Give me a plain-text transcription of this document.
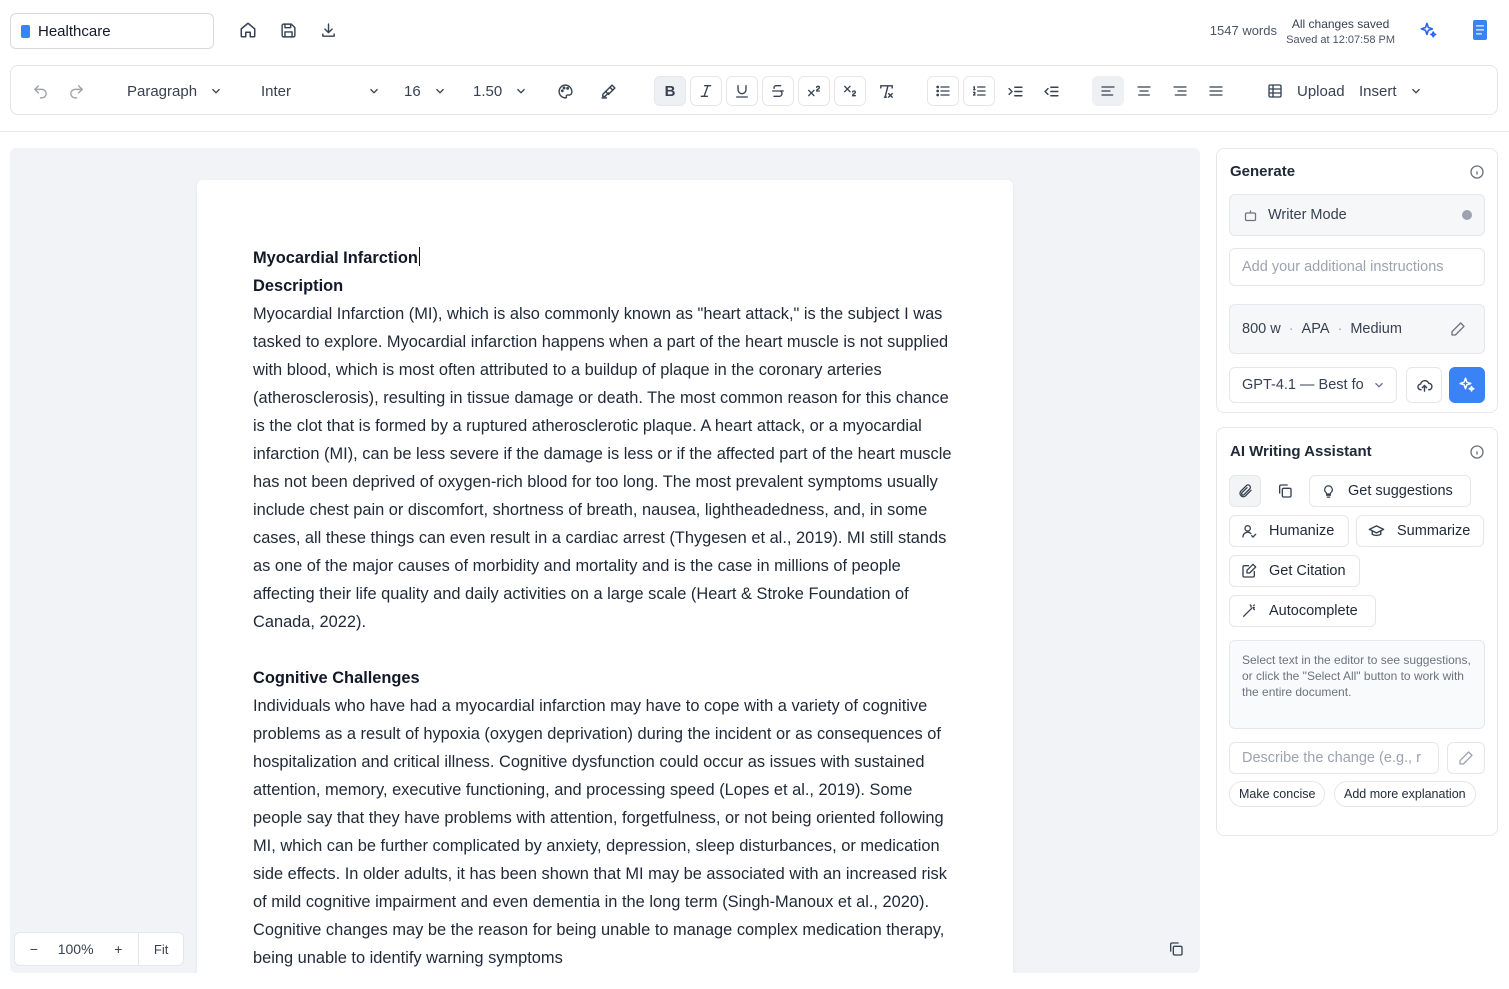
Healthcare	1547 words	All changes saved
Saved at 12:07:58 PM
Paragraph	Inter	16	1.50	B	Upload Insert
Myocardial Infarction
Description

Myocardial Infarction (MI), which is also commonly known as "heart attack," is the subject I was tasked to explore. Myocardial infarction happens when a part of the heart muscle is not supplied with blood, which is most often attributed to a buildup of plaque in the coronary arteries (atherosclerosis), resulting in tissue damage or death. The most common reason for this chance is the clot that is formed by a ruptured atherosclerotic plaque. A heart attack, or a myocardial infarction (MI), can be less severe if the damage is less or if the affected part of the heart muscle has not been deprived of oxygen-rich blood for too long. The most prevalent symptoms usually include chest pain or discomfort, shortness of breath, nausea, lightheadedness, and, in some cases, all these things can even result in a cardiac arrest (Thygesen et al., 2019). MI still stands as one of the major causes of morbidity and mortality and is the case in millions of people affecting their life quality and daily activities on a large scale (Heart & Stroke Foundation of Canada, 2022).

Cognitive Challenges

Individuals who have had a myocardial infarction may have to cope with a variety of cognitive problems as a result of hypoxia (oxygen deprivation) during the incident or as consequences of hospitalization and critical illness. Cognitive dysfunction could occur as issues with sustained attention, memory, executive functioning, and processing speed (Lopes et al., 2019). Some people say that they have problems with attention, forgetfulness, or not being oriented following MI, which can be further complicated by anxiety, depression, sleep disturbances, or medication side effects. In older adults, it has been shown that MI may be associated with an increased risk of mild cognitive impairment and even dementia in the long term (Singh-Manoux et al., 2020). Cognitive changes may be the reason for being unable to manage complex medication therapy, being unable to identify warning symptoms

−	100%	+	Fit
Generate
Writer Mode
Add your additional instructions
800 w · APA · Medium
GPT-4.1 — Best fo
AI Writing Assistant
Get suggestions
Humanize	Summarize
Get Citation
Autocomplete
Select text in the editor to see suggestions, or click the "Select All" button to work with the entire document.
Describe the change (e.g., r
Make concise	Add more explanation
